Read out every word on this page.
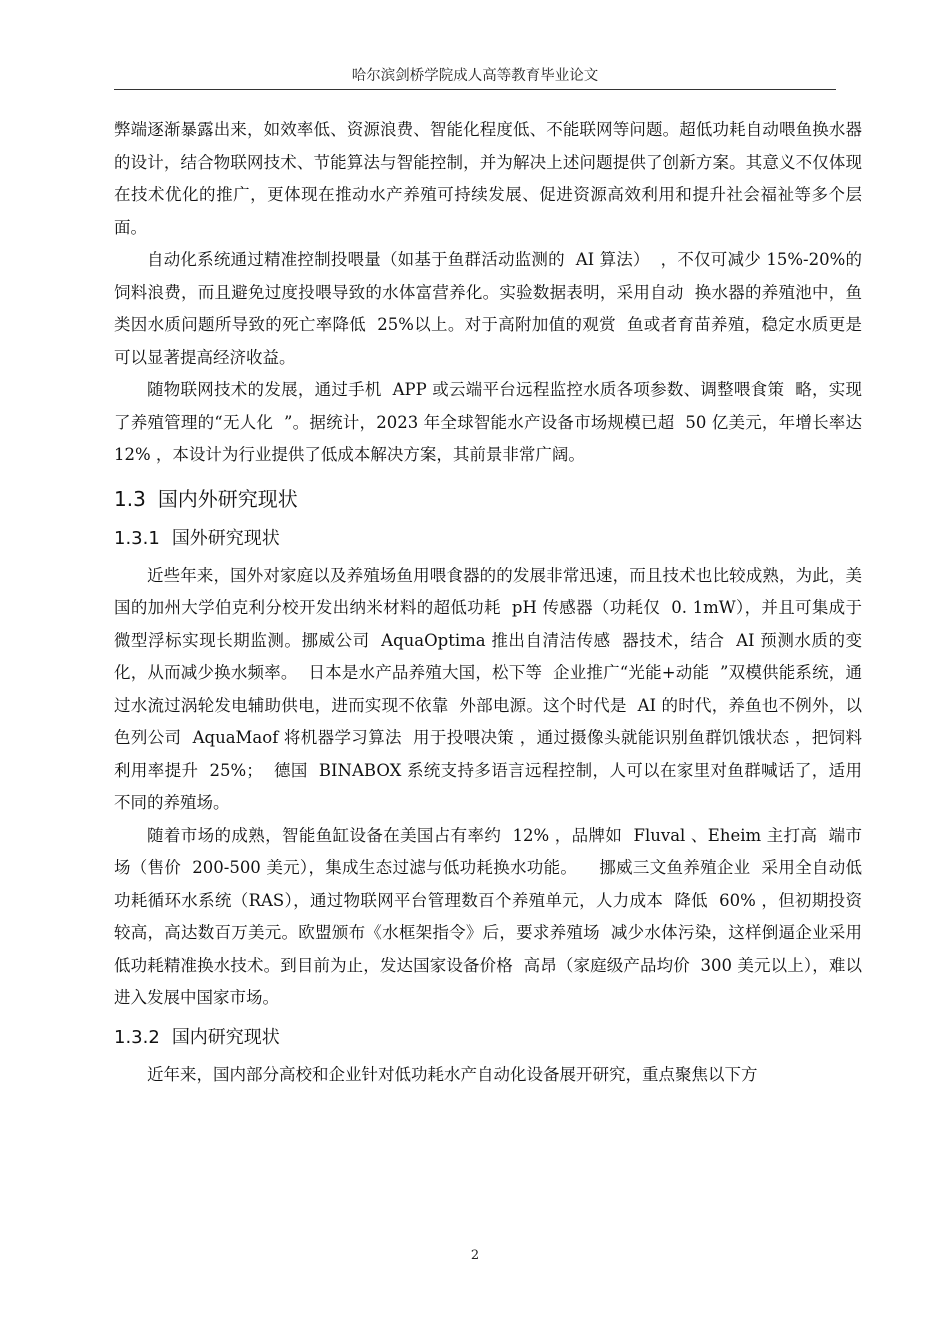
哈尔滨剑桥学院成人高等教育毕业论文

弊端逐渐暴露出来，如效率低、资源浪费、智能化程度低、不能联网等问题。超低功耗自动喂鱼换水器的设计，结合物联网技术、节能算法与智能控制，并为解决上述问题提供了创新方案。其意义不仅体现在技术优化的推广，更体现在推动水产养殖可持续发展、促进资源高效利用和提升社会福祉等多个层面。

自动化系统通过精准控制投喂量（如基于鱼群活动监测的  AI 算法）  ，不仅可减少 15%-20%的饲料浪费，而且避免过度投喂导致的水体富营养化。实验数据表明，采用自动  换水器的养殖池中，鱼类因水质问题所导致的死亡率降低  25%以上。对于高附加值的观赏  鱼或者育苗养殖，稳定水质更是可以显著提高经济收益。

随物联网技术的发展，通过手机  APP 或云端平台远程监控水质各项参数、调整喂食策  略，实现了养殖管理的“无人化  ”。据统计，2023 年全球智能水产设备市场规模已超  50 亿美元，年增长率达  12% ，本设计为行业提供了低成本解决方案，其前景非常广阔。

1.3 国内外研究现状
1.3.1 国外研究现状

近些年来，国外对家庭以及养殖场鱼用喂食器的的发展非常迅速，而且技术也比较成熟，为此，美国的加州大学伯克利分校开发出纳米材料的超低功耗  pH 传感器（功耗仅  0. 1mW），并且可集成于微型浮标实现长期监测。挪威公司  AquaOptima 推出自清洁传感  器技术，结合  AI 预测水质的变化，从而减少换水频率。  日本是水产品养殖大国，松下等  企业推广“光能+动能  ”双模供能系统，通过水流过涡轮发电辅助供电，进而实现不依靠  外部电源。这个时代是  AI 的时代，养鱼也不例外，以色列公司  AquaMaof 将机器学习算法  用于投喂决策 ，通过摄像头就能识别鱼群饥饿状态 ，把饲料利用率提升  25%；  德国  BINABOX 系统支持多语言远程控制，人可以在家里对鱼群喊话了，适用不同的养殖场。

随着市场的成熟，智能鱼缸设备在美国占有率约  12% ，品牌如  Fluval 、Eheim 主打高  端市场（售价  200-500 美元），集成生态过滤与低功耗换水功能。    挪威三文鱼养殖企业  采用全自动低功耗循环水系统（RAS），通过物联网平台管理数百个养殖单元，人力成本  降低  60% ，但初期投资较高，高达数百万美元。欧盟颁布《水框架指令》后，要求养殖场  减少水体污染，这样倒逼企业采用低功耗精准换水技术。到目前为止，发达国家设备价格  高昂（家庭级产品均价  300 美元以上），难以进入发展中国家市场。

1.3.2 国内研究现状

近年来，国内部分高校和企业针对低功耗水产自动化设备展开研究，重点聚焦以下方

2
